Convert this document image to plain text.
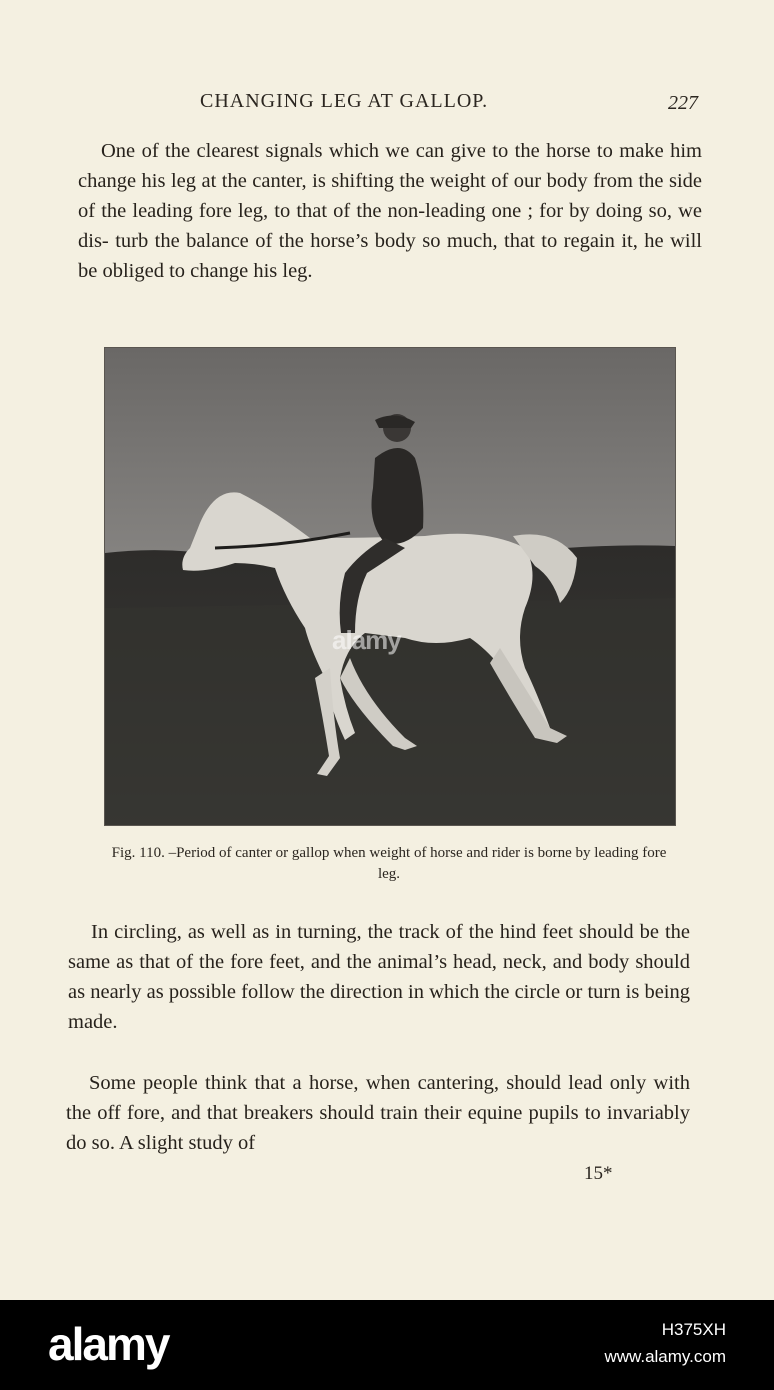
CHANGING LEG AT GALLOP.	227
One of the clearest signals which we can give to the horse to make him change his leg at the canter, is shifting the weight of our body from the side of the leading fore leg, to that of the non-leading one ; for by doing so, we dis- turb the balance of the horse’s body so much, that to regain it, he will be obliged to change his leg.
alamy
Fig. 110. –Period of canter or gallop when weight of horse and rider is borne by leading fore leg.
In circling, as well as in turning, the track of the hind feet should be the same as that of the fore feet, and the animal’s head, neck, and body should as nearly as possible follow the direction in which the circle or turn is being made.
Some people think that a horse, when cantering, should lead only with the off fore, and that breakers should train their equine pupils to invariably do so. A slight study of
15*
alamy	H375XH
www.alamy.com
